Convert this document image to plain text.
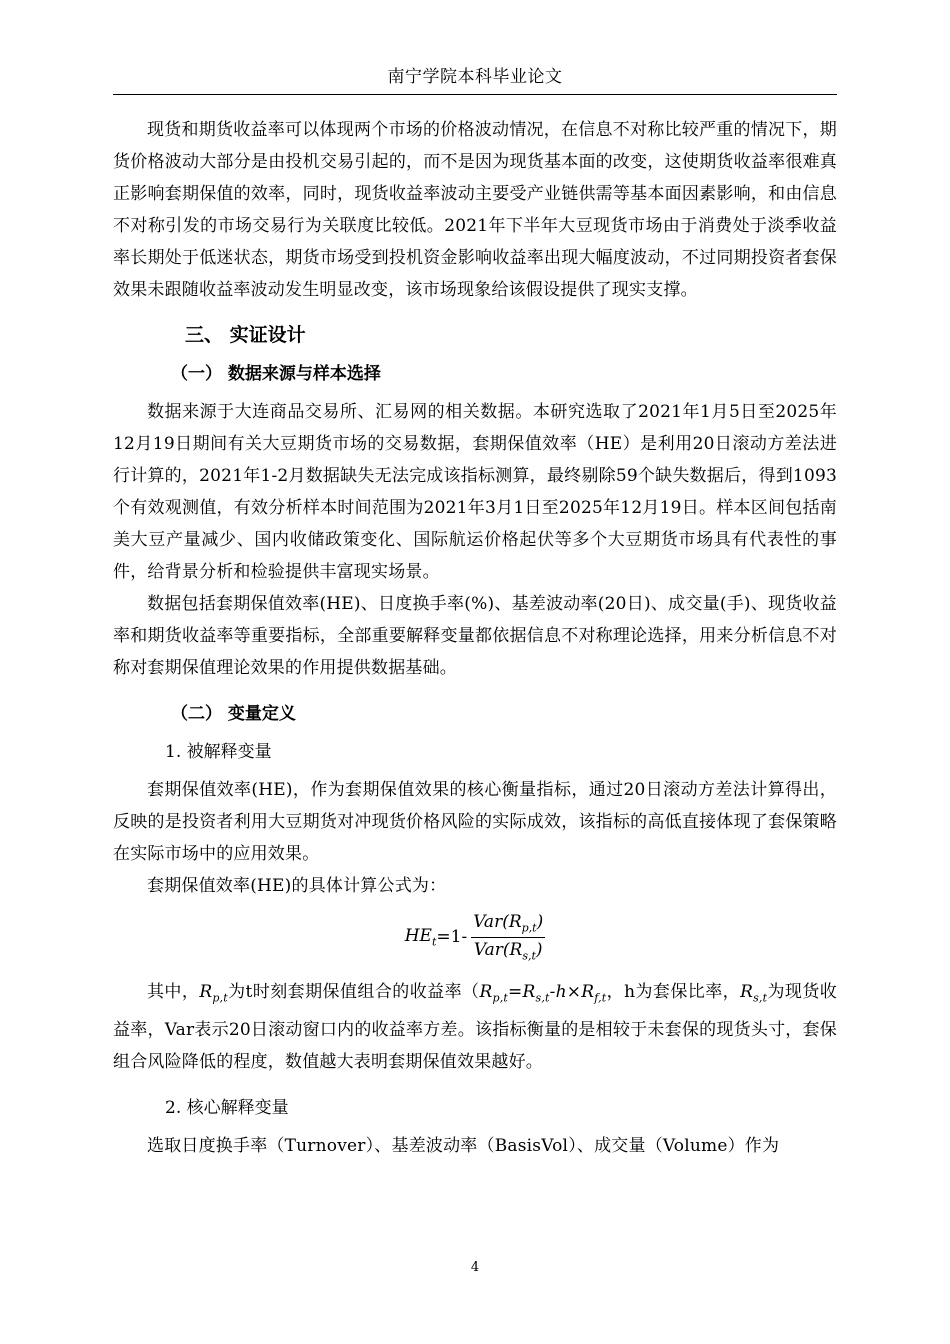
南宁学院本科毕业论文

现货和期货收益率可以体现两个市场的价格波动情况，在信息不对称比较严重的情况下，期货价格波动大部分是由投机交易引起的，而不是因为现货基本面的改变，这使期货收益率很难真正影响套期保值的效率，同时，现货收益率波动主要受产业链供需等基本面因素影响，和由信息不对称引发的市场交易行为关联度比较低。2021年下半年大豆现货市场由于消费处于淡季收益率长期处于低迷状态，期货市场受到投机资金影响收益率出现大幅度波动，不过同期投资者套保效果未跟随收益率波动发生明显改变，该市场现象给该假设提供了现实支撑。

三、 实证设计
（一） 数据来源与样本选择

数据来源于大连商品交易所、汇易网的相关数据。本研究选取了2021年1月5日至2025年12月19日期间有关大豆期货市场的交易数据，套期保值效率（HE）是利用20日滚动方差法进行计算的，2021年1-2月数据缺失无法完成该指标测算，最终剔除59个缺失数据后，得到1093个有效观测值，有效分析样本时间范围为2021年3月1日至2025年12月19日。样本区间包括南美大豆产量减少、国内收储政策变化、国际航运价格起伏等多个大豆期货市场具有代表性的事件，给背景分析和检验提供丰富现实场景。

数据包括套期保值效率(HE)、日度换手率(%)、基差波动率(20日)、成交量(手)、现货收益率和期货收益率等重要指标，全部重要解释变量都依据信息不对称理论选择，用来分析信息不对称对套期保值理论效果的作用提供数据基础。

（二） 变量定义
1. 被解释变量

套期保值效率(HE)，作为套期保值效果的核心衡量指标，通过20日滚动方差法计算得出，反映的是投资者利用大豆期货对冲现货价格风险的实际成效，该指标的高低直接体现了套保策略在实际市场中的应用效果。

套期保值效率(HE)的具体计算公式为：

$HE_t =1- \frac{Var(R_{p,t})}{Var(R_{s,t})}$

其中，$R_{p,t}$为t时刻套期保值组合的收益率（$R_{p,t}=R_{s,t}-h\times R_{f,t}$，h为套保比率，$R_{s,t}$为现货收益率，Var表示20日滚动窗口内的收益率方差。该指标衡量的是相较于未套保的现货头寸，套保组合风险降低的程度，数值越大表明套期保值效果越好。

2. 核心解释变量

选取日度换手率（Turnover）、基差波动率（BasisVol）、成交量（Volume）作为

4
